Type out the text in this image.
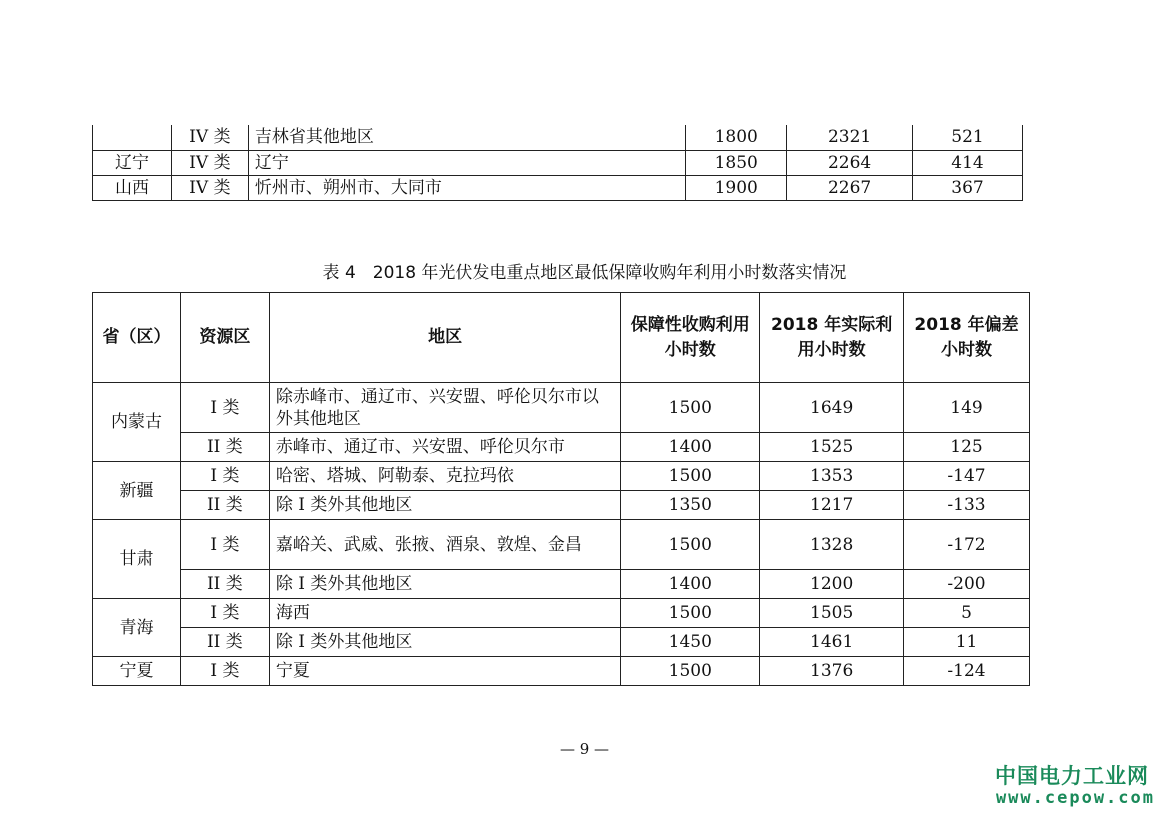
	IV 类	吉林省其他地区	1800	2321	521
辽宁	IV 类	辽宁	1850	2264	414
山西	IV 类	忻州市、朔州市、大同市	1900	2267	367
表 4　2018 年光伏发电重点地区最低保障收购年利用小时数落实情况
省（区）	资源区	地区	保障性收购利用小时数	2018 年实际利用小时数	2018 年偏差小时数
内蒙古	I 类	除赤峰市、通辽市、兴安盟、呼伦贝尔市以外其他地区	1500	1649	149
	II 类	赤峰市、通辽市、兴安盟、呼伦贝尔市	1400	1525	125
新疆	I 类	哈密、塔城、阿勒泰、克拉玛依	1500	1353	-147
	II 类	除 I 类外其他地区	1350	1217	-133
甘肃	I 类	嘉峪关、武威、张掖、酒泉、敦煌、金昌	1500	1328	-172
	II 类	除 I 类外其他地区	1400	1200	-200
青海	I 类	海西	1500	1505	5
	II 类	除 I 类外其他地区	1450	1461	11
宁夏	I 类	宁夏	1500	1376	-124
— 9 —
中国电力工业网
www.cepow.com
